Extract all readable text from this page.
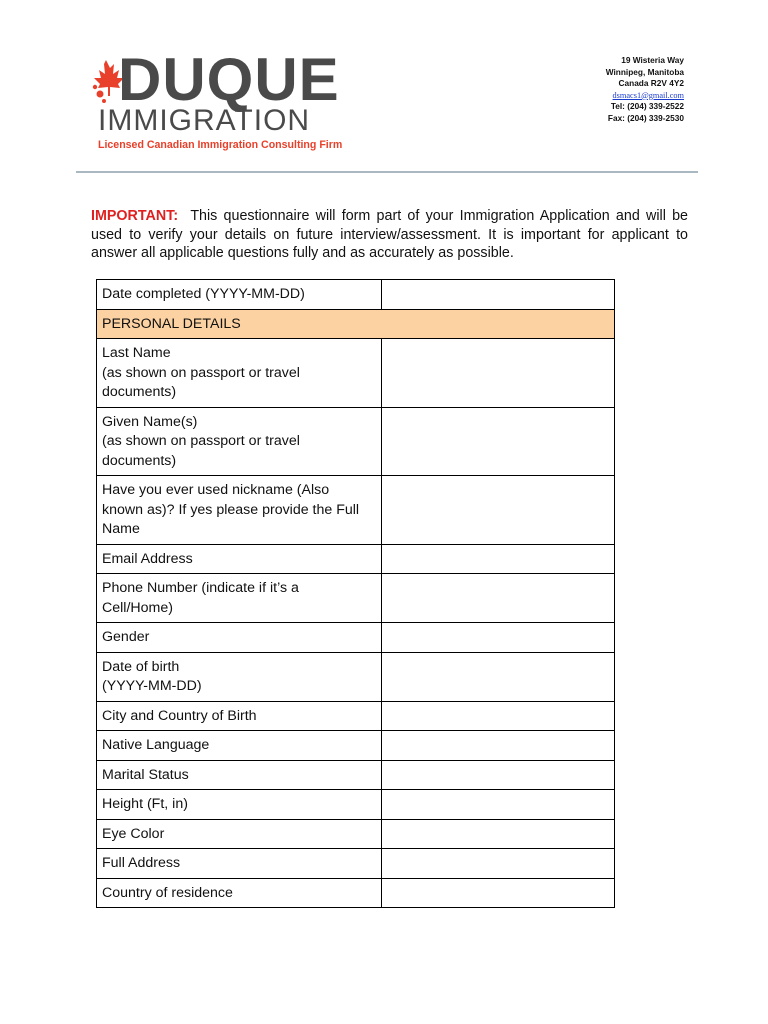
DUQUE
IMMIGRATION
Licensed Canadian Immigration Consulting Firm
19 Wisteria Way
Winnipeg, Manitoba
Canada R2V 4Y2
dsmacs1@gmail.com
Tel: (204) 339-2522
Fax: (204) 339-2530
IMPORTANT: This questionnaire will form part of your Immigration Application and will be used to verify your details on future interview/assessment. It is important for applicant to answer all applicable questions fully and as accurately as possible.
Date completed (YYYY-MM-DD)	
PERSONAL DETAILS	

Last Name
(as shown on passport or travel
documents)	

Given Name(s)
(as shown on passport or travel
documents)	

Have you ever used nickname (Also
known as)? If yes please provide the Full
Name	

Email Address	

Phone Number (indicate if it’s a
Cell/Home)	

Gender	

Date of birth
(YYYY-MM-DD)	

City and Country of Birth	
Native Language	
Marital Status	
Height (Ft, in)	
Eye Color	
Full Address	
Country of residence	
